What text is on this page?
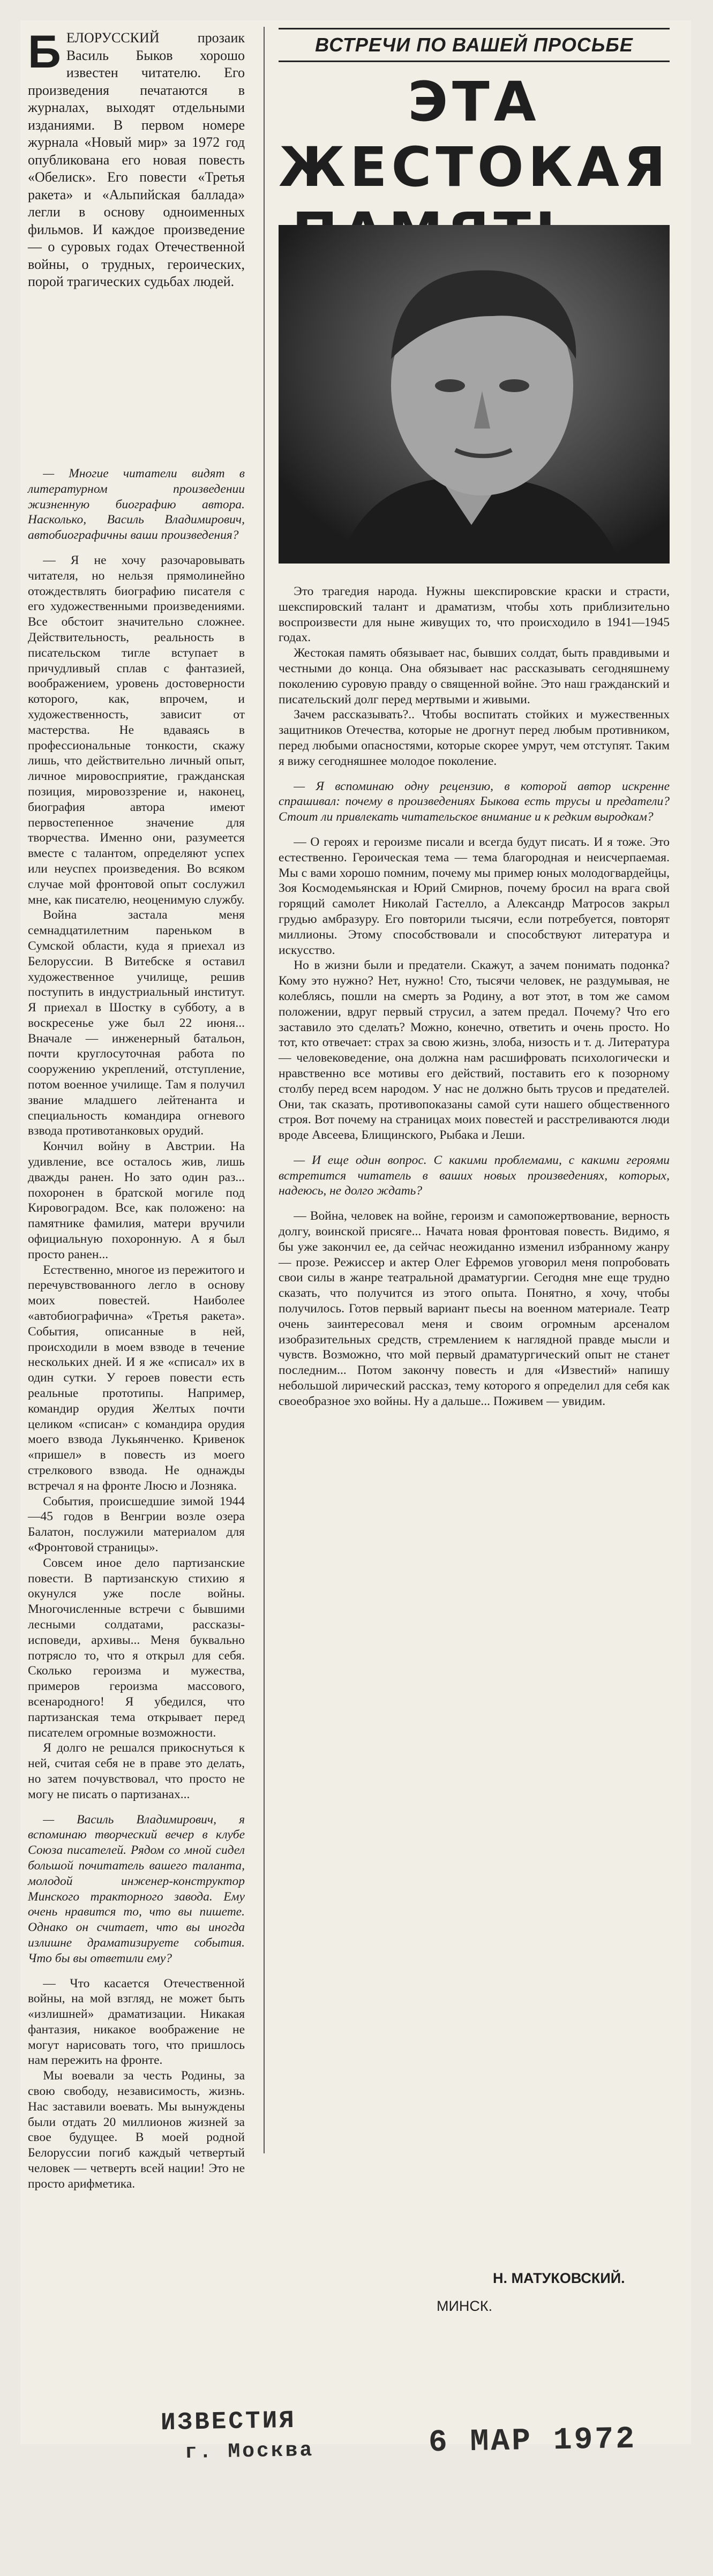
БЕЛОРУССКИЙ прозаик Василь Быков хорошо известен читателю. Его произведения печатаются в журналах, выходят отдельными изданиями. В первом номере журнала «Новый мир» за 1972 год опубликована его новая повесть «Обелиск». Его повести «Третья ракета» и «Альпийская баллада» легли в основу одноименных фильмов. И каждое произведение — о суровых годах Отечественной войны, о трудных, героических, порой трагических судьбах людей.
ВСТРЕЧИ ПО ВАШЕЙ ПРОСЬБЕ
ЭТА ЖЕСТОКАЯ

— Многие читатели видят в литературном произведении жизненную биографию автора. Насколько, Василь Владимирович, автобиографичны ваши произведения?

— Я не хочу разочаровывать читателя, но нельзя прямолинейно отождествлять биографию писателя с его художественными произведениями. Все обстоит значительно сложнее. Действительность, реальность в писательском тигле вступает в причудливый сплав с фантазией, воображением, уровень достоверности которого, как, впрочем, и художественность, зависит от мастерства. Не вдаваясь в профессиональные тонкости, скажу лишь, что действительно личный опыт, личное мировосприятие, гражданская позиция, мировоззрение и, наконец, биография автора имеют первостепенное значение для творчества. Именно они, разумеется вместе с талантом, определяют успех или неуспех произведения. Во всяком случае мой фронтовой опыт сослужил мне, как писателю, неоценимую службу.

Война застала меня семнадцатилетним пареньком в Сумской области, куда я приехал из Белоруссии. В Витебске я оставил художественное училище, решив поступить в индустриальный институт. Я приехал в Шостку в субботу, а в воскресенье уже был 22 июня... Вначале — инженерный батальон, почти круглосуточная работа по сооружению укреплений, отступление, потом военное училище. Там я получил звание младшего лейтенанта и специальность командира огневого взвода противотанковых орудий.

Кончил войну в Австрии. На удивление, все осталось жив, лишь дважды ранен. Но зато один раз... похоронен в братской могиле под Кировоградом. Все, как положено: на памятнике фамилия, матери вручили официальную похоронную. А я был просто ранен...

Естественно, многое из пережитого и перечувствованного легло в основу моих повестей. Наиболее «автобиографична» «Третья ракета». События, описанные в ней, происходили в моем взводе в течение нескольких дней. И я же «списал» их в один сутки. У героев повести есть реальные прототипы. Например, командир орудия Желтых почти целиком «списан» с командира орудия моего взвода Лукьянченко. Кривенок «пришел» в повесть из моего стрелкового взвода. Не однажды встречал я на фронте Люсю и Лозняка.

События, происшедшие зимой 1944—45 годов в Венгрии возле озера Балатон, послужили материалом для «Фронтовой страницы».

Совсем иное дело партизанские повести. В партизанскую стихию я окунулся уже после войны. Многочисленные встречи с бывшими лесными солдатами, рассказы-исповеди, архивы... Меня буквально потрясло то, что я открыл для себя. Сколько героизма и мужества, примеров героизма массового, всенародного! Я убедился, что партизанская тема открывает перед писателем огромные возможности.

Я долго не решался прикоснуться к ней, считая себя не в праве это делать, но затем почувствовал, что просто не могу не писать о партизанах...

— Василь Владимирович, я вспоминаю творческий вечер в клубе Союза писателей. Рядом со мной сидел большой почитатель вашего таланта, молодой инженер-конструктор Минского тракторного завода. Ему очень нравится то, что вы пишете. Однако он считает, что вы иногда излишне драматизируете события. Что бы вы ответили ему?

— Что касается Отечественной войны, на мой взгляд, не может быть «излишней» драматизации. Никакая фантазия, никакое воображение не могут нарисовать того, что пришлось нам пережить на фронте.

Мы воевали за честь Родины, за свою свободу, независимость, жизнь. Нас заставили воевать. Мы вынуждены были отдать 20 миллионов жизней за свое будущее. В моей родной Белоруссии погиб каждый четвертый человек — четверть всей нации! Это не просто арифметика.

Это трагедия народа. Нужны шекспировские краски и страсти, шекспировский талант и драматизм, чтобы хоть приблизительно воспроизвести для ныне живущих то, что происходило в 1941—1945 годах.

Жестокая память обязывает нас, бывших солдат, быть правдивыми и честными до конца. Она обязывает нас рассказывать сегодняшнему поколению суровую правду о священной войне. Это наш гражданский и писательский долг перед мертвыми и живыми.

Зачем рассказывать?.. Чтобы воспитать стойких и мужественных защитников Отечества, которые не дрогнут перед любым противником, перед любыми опасностями, которые скорее умрут, чем отступят. Таким я вижу сегодняшнее молодое поколение.

— Я вспоминаю одну рецензию, в которой автор искренне спрашивал: почему в произведениях Быкова есть трусы и предатели? Стоит ли привлекать читательское внимание и к редким выродкам?

— О героях и героизме писали и всегда будут писать. И я тоже. Это естественно. Героическая тема — тема благородная и неисчерпаемая. Мы с вами хорошо помним, почему мы пример юных молодогвардейцы, Зоя Космодемьянская и Юрий Смирнов, почему бросил на врага свой горящий самолет Николай Гастелло, а Александр Матросов закрыл грудью амбразуру. Его повторили тысячи, если потребуется, повторят миллионы. Этому способствовали и способствуют литература и искусство.

Но в жизни были и предатели. Скажут, а зачем понимать подонка? Кому это нужно? Нет, нужно! Сто, тысячи человек, не раздумывая, не колеблясь, пошли на смерть за Родину, а вот этот, в том же самом положении, вдруг первый струсил, а затем предал. Почему? Что его заставило это сделать? Можно, конечно, ответить и очень просто. Но тот, кто отвечает: страх за свою жизнь, злоба, низость и т. д. Литература — человековедение, она должна нам расшифровать психологически и нравственно все мотивы его действий, поставить его к позорному столбу перед всем народом. У нас не должно быть трусов и предателей. Они, так сказать, противопоказаны самой сути нашего общественного строя. Вот почему на страницах моих повестей и расстреливаются люди вроде Авсеева, Блищинского, Рыбака и Леши.

— И еще один вопрос. С какими проблемами, с какими героями встретится читатель в ваших новых произведениях, которых, надеюсь, не долго ждать?

— Война, человек на войне, героизм и самопожертвование, верность долгу, воинской присяге... Начата новая фронтовая повесть. Видимо, я бы уже закончил ее, да сейчас неожиданно изменил избранному жанру — прозе. Режиссер и актер Олег Ефремов уговорил меня попробовать свои силы в жанре театральной драматургии. Сегодня мне еще трудно сказать, что получится из этого опыта. Понятно, я хочу, чтобы получилось. Готов первый вариант пьесы на военном материале. Театр очень заинтересовал меня и своим огромным арсеналом изобразительных средств, стремлением к наглядной правде мысли и чувств. Возможно, что мой первый драматургический опыт не станет последним... Потом закончу повесть и для «Известий» напишу небольшой лирический рассказ, тему которого я определил для себя как своеобразное эхо войны. Ну а дальше... Поживем — увидим.

Н. МАТУКОВСКИЙ.
МИНСК.
ИЗВЕСТИЯ
г. Москва	6 МАР 1972
